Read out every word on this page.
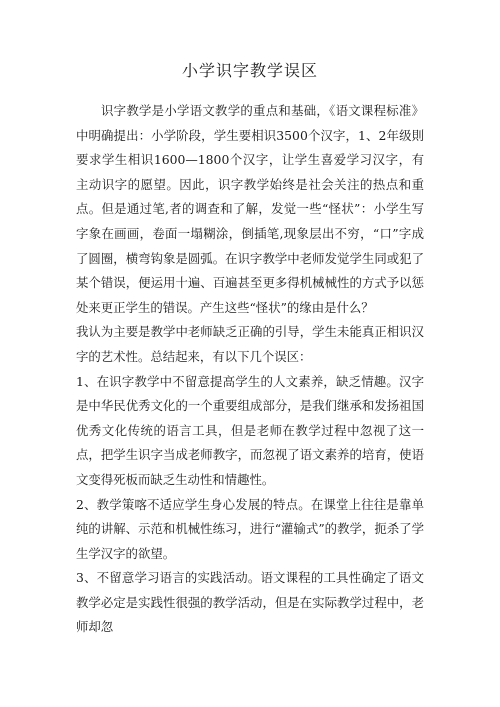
小学识字教学误区

识字教学是小学语文教学的重点和基础，《语文课程标准》中明确提出：小学阶段，学生要相识3500个汉字，1、2年级則要求学生相识1600—1800个汉字，让学生喜爱学习汉字，有主动识字的愿望。因此，识字教学始终是社会关注的热点和重点。但是通过笔,者的调查和了解，发觉一些“怪状”：小学生写字象在画画，卷面一塌糊涂，倒插笔,现象层出不穷，“口”字成了圆圈，横弯钩象是圆弧。在识字教学中老师发觉学生同或犯了某个错误，便运用十遍、百遍甚至更多得机械械性的方式予以惩处来更正学生的错误。产生这些“怪状”的缘由是什么？

我认为主要是教学中老师缺乏正确的引导，学生未能真正相识汉字的艺术性。总结起来，有以下几个误区：

1、在识字教学中不留意提高学生的人文素养，缺乏情趣。汉字是中华民优秀文化的一个重要组成部分，是我们继承和发扬祖国优秀文化传统的语言工具，但是老师在教学过程中忽视了这一点，把学生识字当成老师教字，而忽视了语文素养的培育，使语文变得死板而缺乏生动性和情趣性。

2、教学策喀不适应学生身心发展的特点。在课堂上往往是靠单纯的讲解、示范和机械性练习，进行“灌输式”的教学，扼杀了学生学汉字的欲望。

3、不留意学习语言的实践活动。语文课程的工具性确定了语文教学必定是实践性很强的教学活动，但是在实际教学过程中，老师却忽
